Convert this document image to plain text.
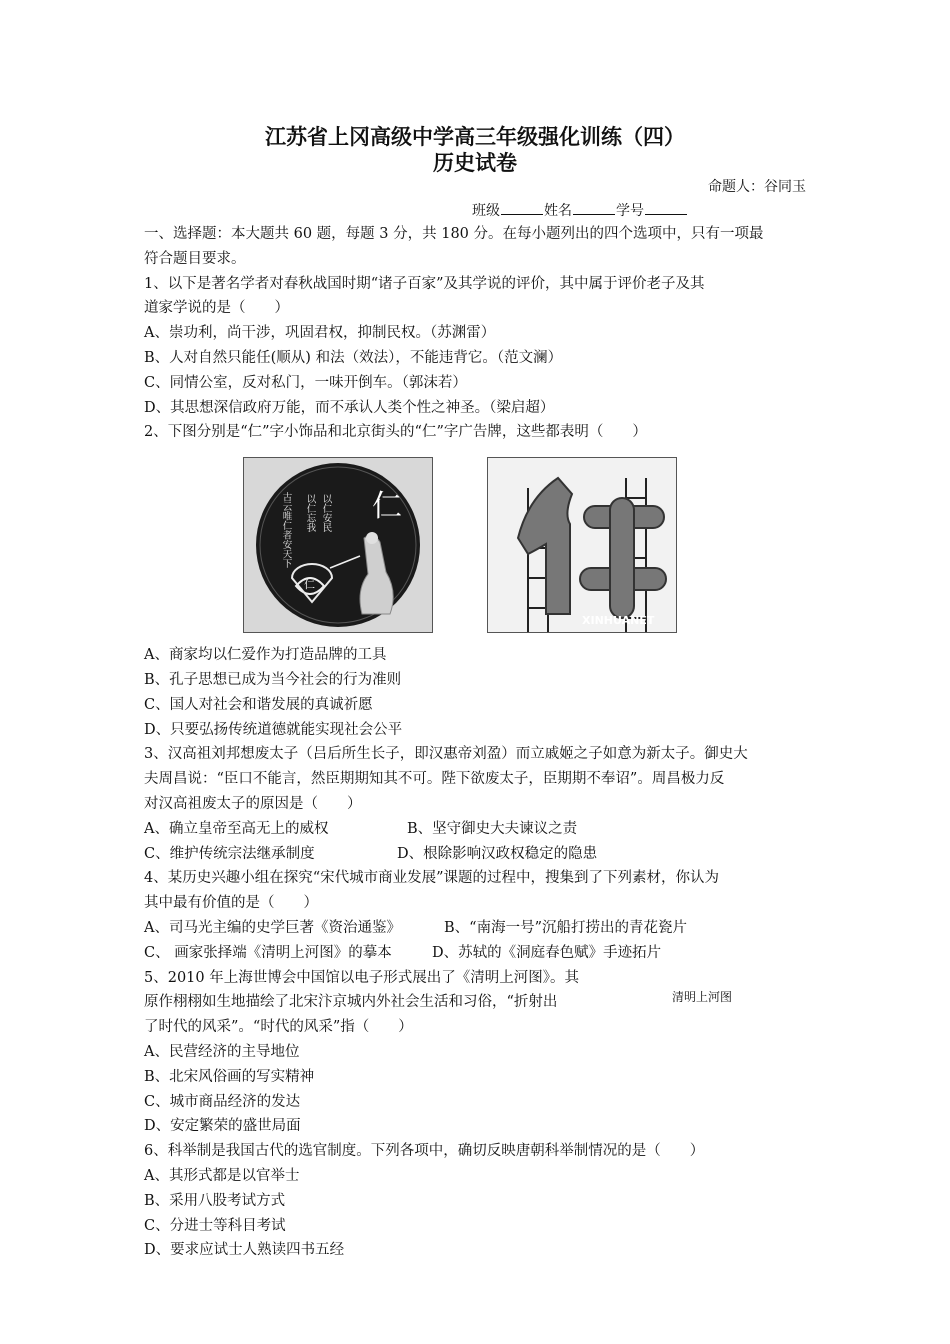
江苏省上冈高级中学高三年级强化训练（四）
历史试卷
命题人：谷同玉
班级	姓名	学号
一、选择题：本大题共 60 题，每题 3 分，共 180 分。在每小题列出的四个选项中，只有一项最
符合题目要求。
1、以下是著名学者对春秋战国时期“诸子百家”及其学说的评价，其中属于评价老子及其
道家学说的是（　　）
A、崇功利，尚干涉，巩固君权，抑制民权。（苏渊雷）
B、人对自然只能任(顺从) 和法（效法），不能违背它。（范文澜）
C、同情公室，反对私门，一味开倒车。（郭沫若）
D、其思想深信政府万能，而不承认人类个性之神圣。（梁启超）
2、下图分别是“仁”字小饰品和北京街头的“仁”字广告牌，这些都表明（　　）
A、商家均以仁爱作为打造品牌的工具
B、孔子思想已成为当今社会的行为准则
C、国人对社会和谐发展的真诚祈愿
D、只要弘扬传统道德就能实现社会公平
3、汉高祖刘邦想废太子（吕后所生长子，即汉惠帝刘盈）而立戚姬之子如意为新太子。御史大
夫周昌说：“臣口不能言，然臣期期知其不可。陛下欲废太子，臣期期不奉诏”。周昌极力反
对汉高祖废太子的原因是（　　）
A、确立皇帝至高无上的威权	B、坚守御史大夫谏议之责
C、维护传统宗法继承制度	D、根除影响汉政权稳定的隐患
4、某历史兴趣小组在探究“宋代城市商业发展”课题的过程中，搜集到了下列素材，你认为
其中最有价值的是（　　）
A、司马光主编的史学巨著《资治通鉴》	B、“南海一号”沉船打捞出的青花瓷片
C、 画家张择端《清明上河图》的摹本	D、苏轼的《洞庭春色赋》手迹拓片
5、2010 年上海世博会中国馆以电子形式展出了《清明上河图》。其
原作栩栩如生地描绘了北宋汴京城内外社会生活和习俗，“折射出
了时代的风采”。“时代的风采”指（　　）
A、民营经济的主导地位
B、北宋风俗画的写实精神
C、城市商品经济的发达
D、安定繁荣的盛世局面
6、科举制是我国古代的选官制度。下列各项中，确切反映唐朝科举制情况的是（　　）
A、其形式都是以官举士
B、采用八股考试方式
C、分进士等科目考试
D、要求应试士人熟读四书五经
仁
以仁安民
以仁忘我
古云唯仁者安天下
仁
XINHUANET
清明上河图
